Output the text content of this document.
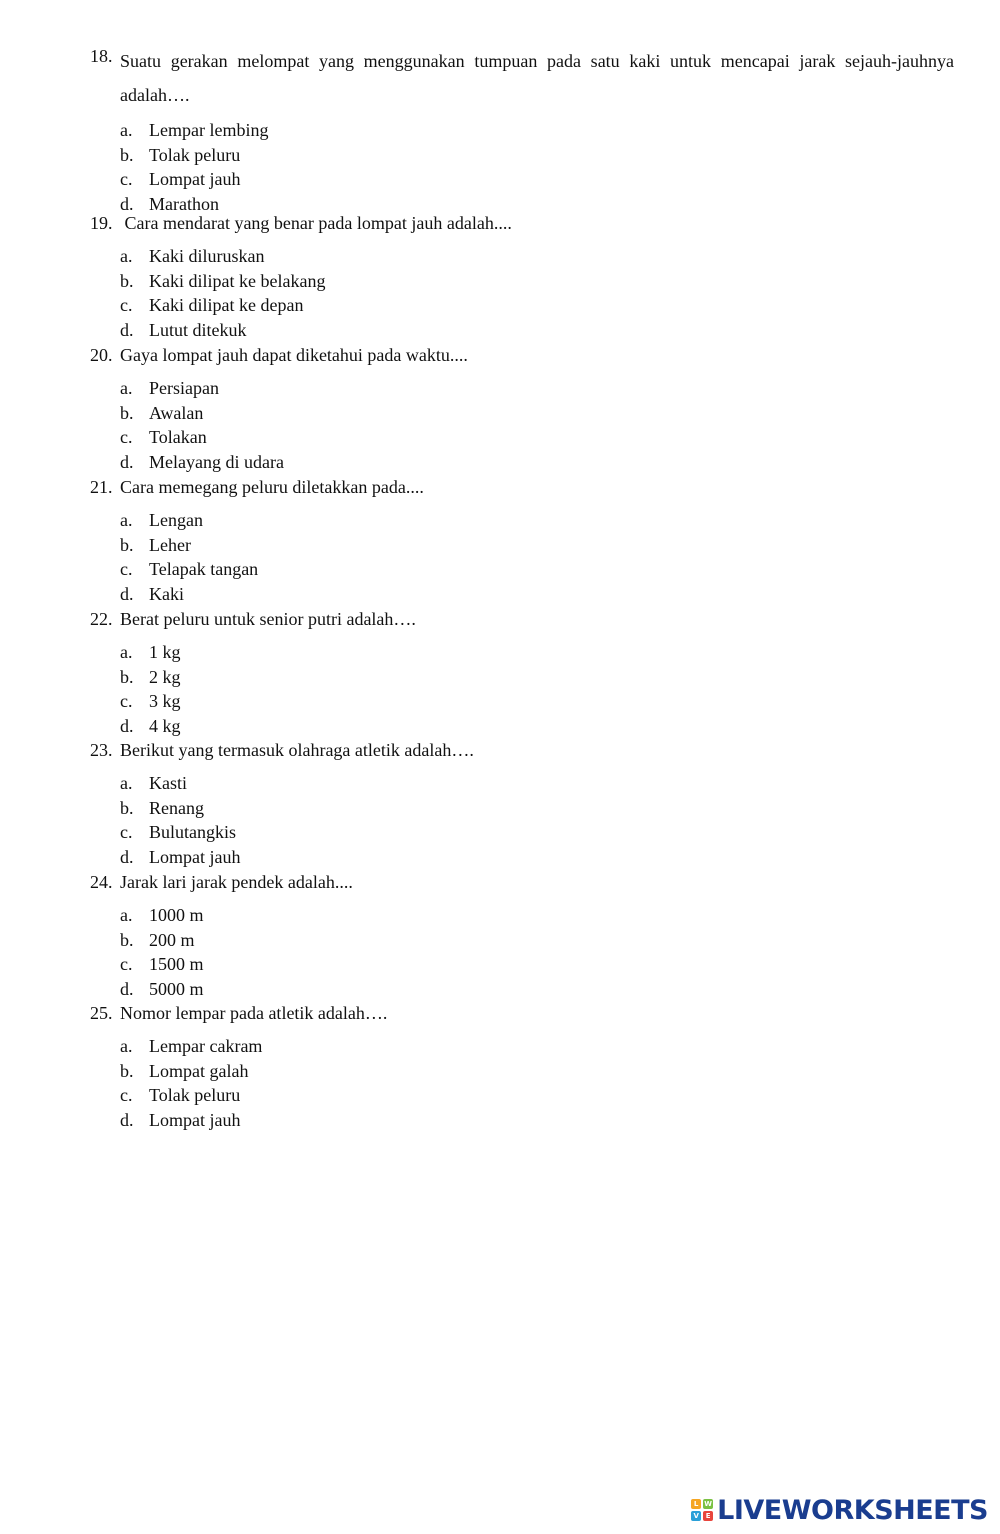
18. Suatu gerakan melompat yang menggunakan tumpuan pada satu kaki untuk mencapai jarak sejauh-jauhnya adalah….
a. Lempar lembing
b. Tolak peluru
c. Lompat jauh
d. Marathon
19. Cara mendarat yang benar pada lompat jauh adalah....
a. Kaki diluruskan
b. Kaki dilipat ke belakang
c. Kaki dilipat ke depan
d. Lutut ditekuk
20. Gaya lompat jauh dapat diketahui pada waktu....
a. Persiapan
b. Awalan
c. Tolakan
d. Melayang di udara
21. Cara memegang peluru diletakkan pada....
a. Lengan
b. Leher
c. Telapak tangan
d. Kaki
22. Berat peluru untuk senior putri adalah….
a. 1 kg
b. 2 kg
c. 3 kg
d. 4 kg
23. Berikut yang termasuk olahraga atletik adalah….
a. Kasti
b. Renang
c. Bulutangkis
d. Lompat jauh
24. Jarak lari jarak pendek adalah....
a. 1000 m
b. 200 m
c. 1500 m
d. 5000 m
25. Nomor lempar pada atletik adalah….
a. Lempar cakram
b. Lompat galah
c. Tolak peluru
d. Lompat jauh
L W
V E LIVEWORKSHEETS
